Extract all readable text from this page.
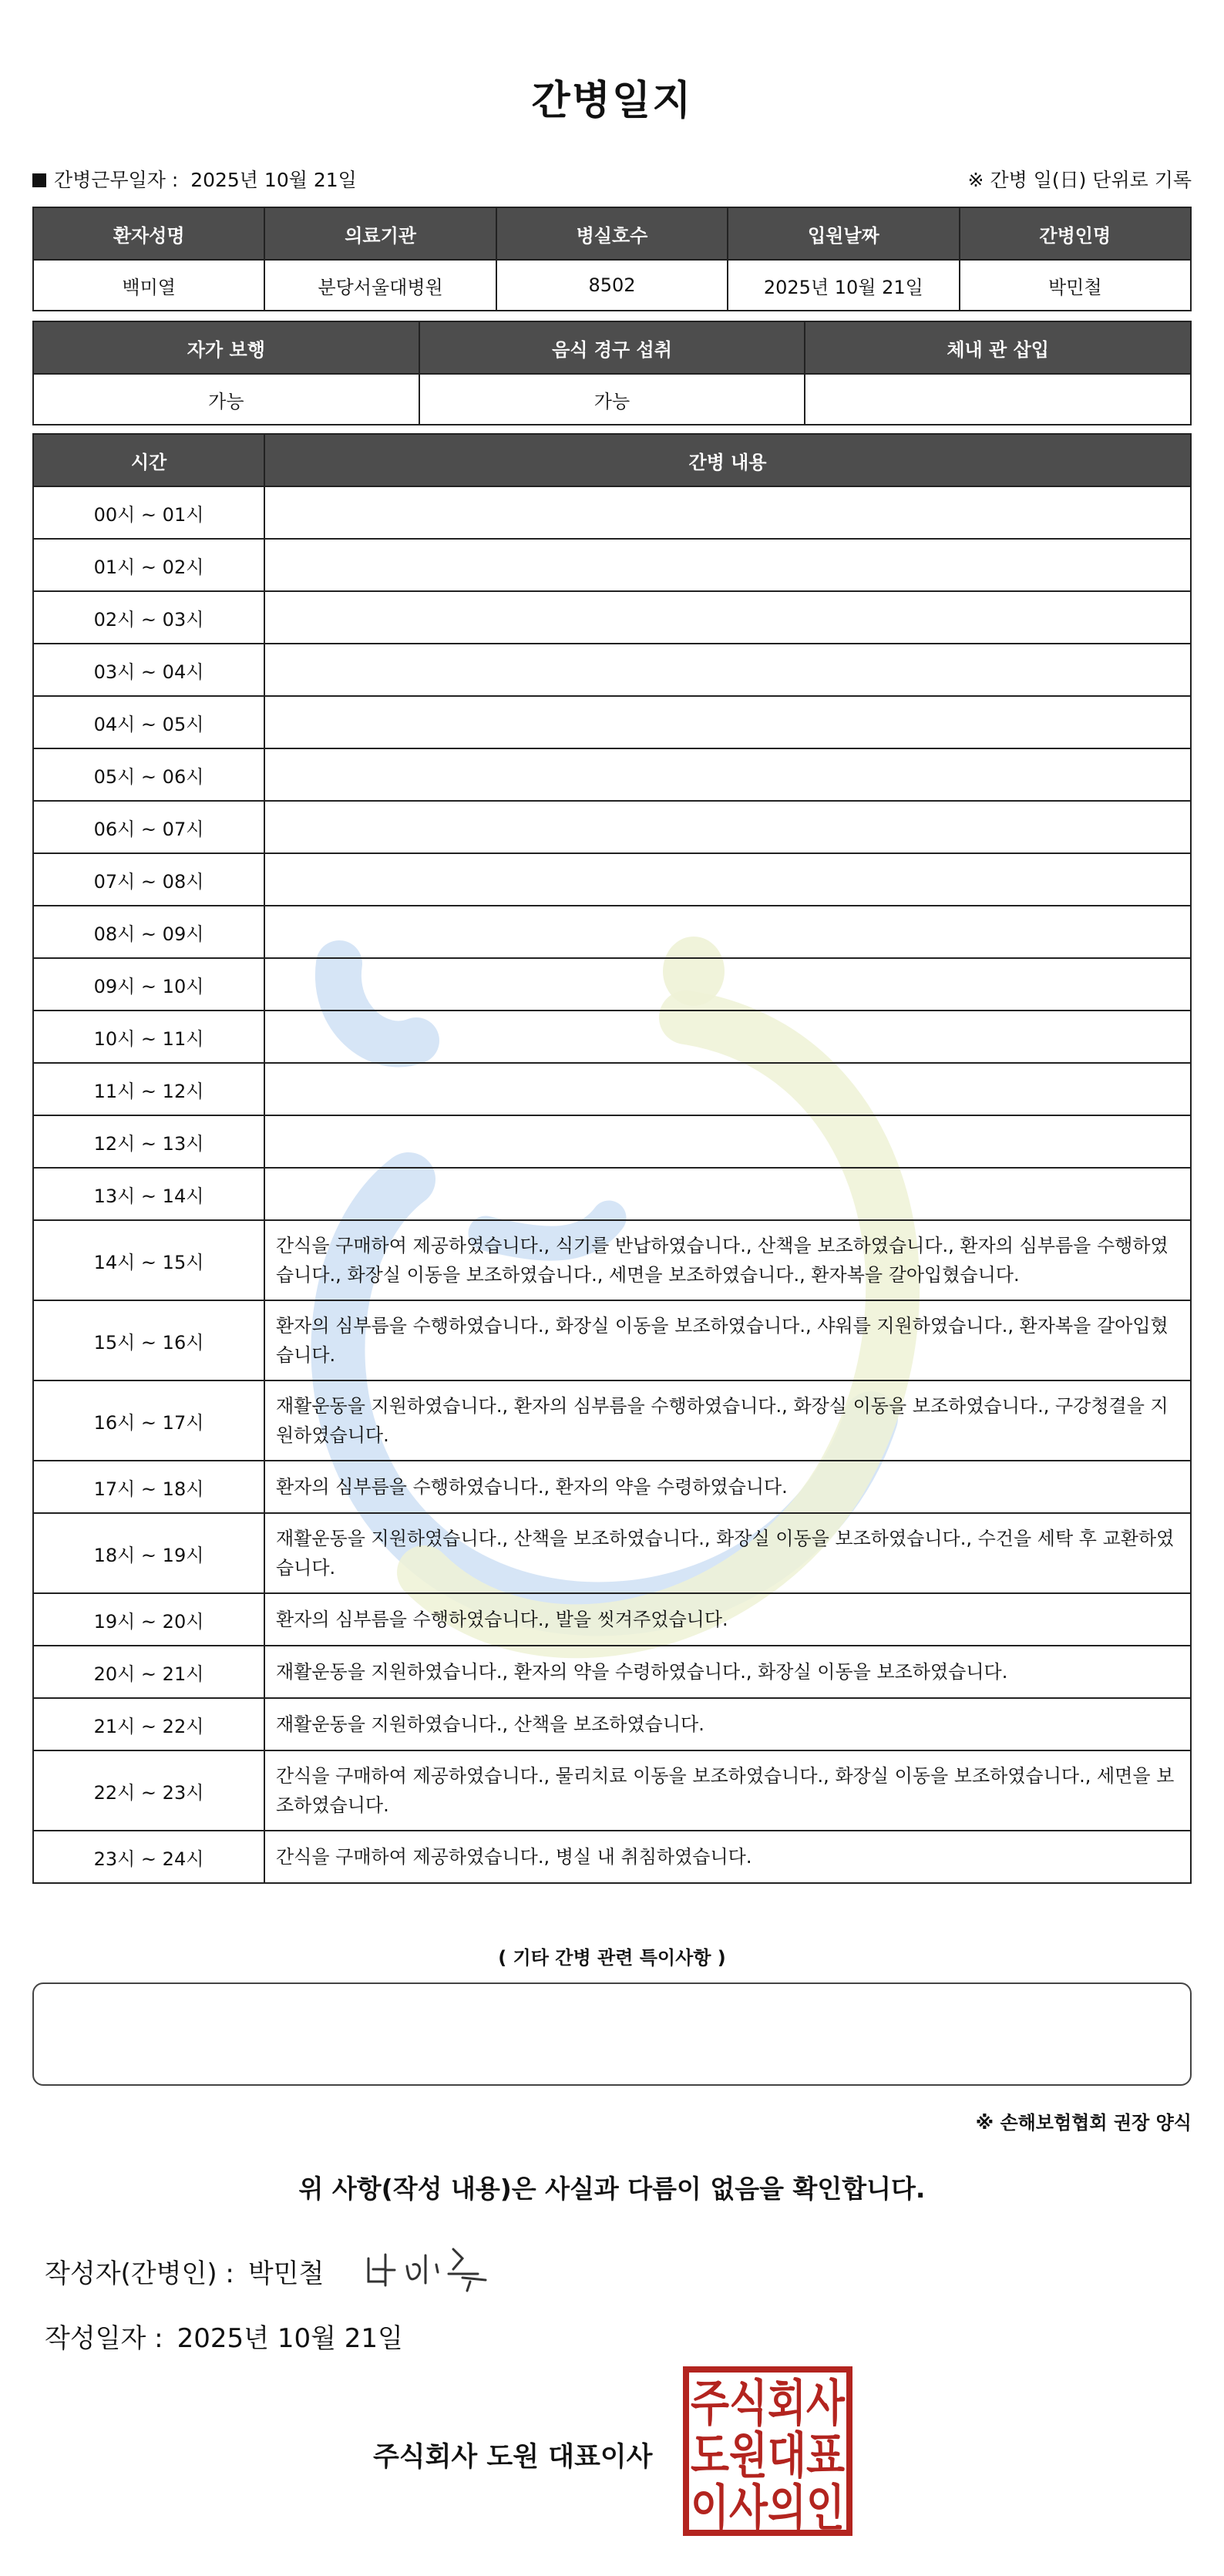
간병일지
간병근무일자 : 2025년 10월 21일	※ 간병 일(日) 단위로 기록
환자성명	의료기관	병실호수	입원날짜	간병인명
백미열	분당서울대병원	8502	2025년 10월 21일	박민철
자가 보행	음식 경구 섭취	체내 관 삽입
가능	가능	
시간	간병 내용
00시 ~ 01시	
01시 ~ 02시	
02시 ~ 03시	
03시 ~ 04시	
04시 ~ 05시	
05시 ~ 06시	
06시 ~ 07시	
07시 ~ 08시	
08시 ~ 09시	
09시 ~ 10시	
10시 ~ 11시	
11시 ~ 12시	
12시 ~ 13시	
13시 ~ 14시	
14시 ~ 15시	간식을 구매하여 제공하였습니다., 식기를 반납하였습니다., 산책을 보조하였습니다., 환자의 심부름을 수행하였습니다., 화장실 이동을 보조하였습니다., 세면을 보조하였습니다., 환자복을 갈아입혔습니다.
15시 ~ 16시	환자의 심부름을 수행하였습니다., 화장실 이동을 보조하였습니다., 샤워를 지원하였습니다., 환자복을 갈아입혔습니다.
16시 ~ 17시	재활운동을 지원하였습니다., 환자의 심부름을 수행하였습니다., 화장실 이동을 보조하였습니다., 구강청결을 지원하였습니다.
17시 ~ 18시	환자의 심부름을 수행하였습니다., 환자의 약을 수령하였습니다.
18시 ~ 19시	재활운동을 지원하였습니다., 산책을 보조하였습니다., 화장실 이동을 보조하였습니다., 수건을 세탁 후 교환하였습니다.
19시 ~ 20시	환자의 심부름을 수행하였습니다., 발을 씻겨주었습니다.
20시 ~ 21시	재활운동을 지원하였습니다., 환자의 약을 수령하였습니다., 화장실 이동을 보조하였습니다.
21시 ~ 22시	재활운동을 지원하였습니다., 산책을 보조하였습니다.
22시 ~ 23시	간식을 구매하여 제공하였습니다., 물리치료 이동을 보조하였습니다., 화장실 이동을 보조하였습니다., 세면을 보조하였습니다.
23시 ~ 24시	간식을 구매하여 제공하였습니다., 병실 내 취침하였습니다.
( 기타 간병 관련 특이사항 )
※ 손해보험협회 권장 양식
위 사항(작성 내용)은 사실과 다름이 없음을 확인합니다.
작성자(간병인) : 박민철
작성일자 : 2025년 10월 21일
주식회사 도원 대표이사
주식회사
도원대표
이사의인
